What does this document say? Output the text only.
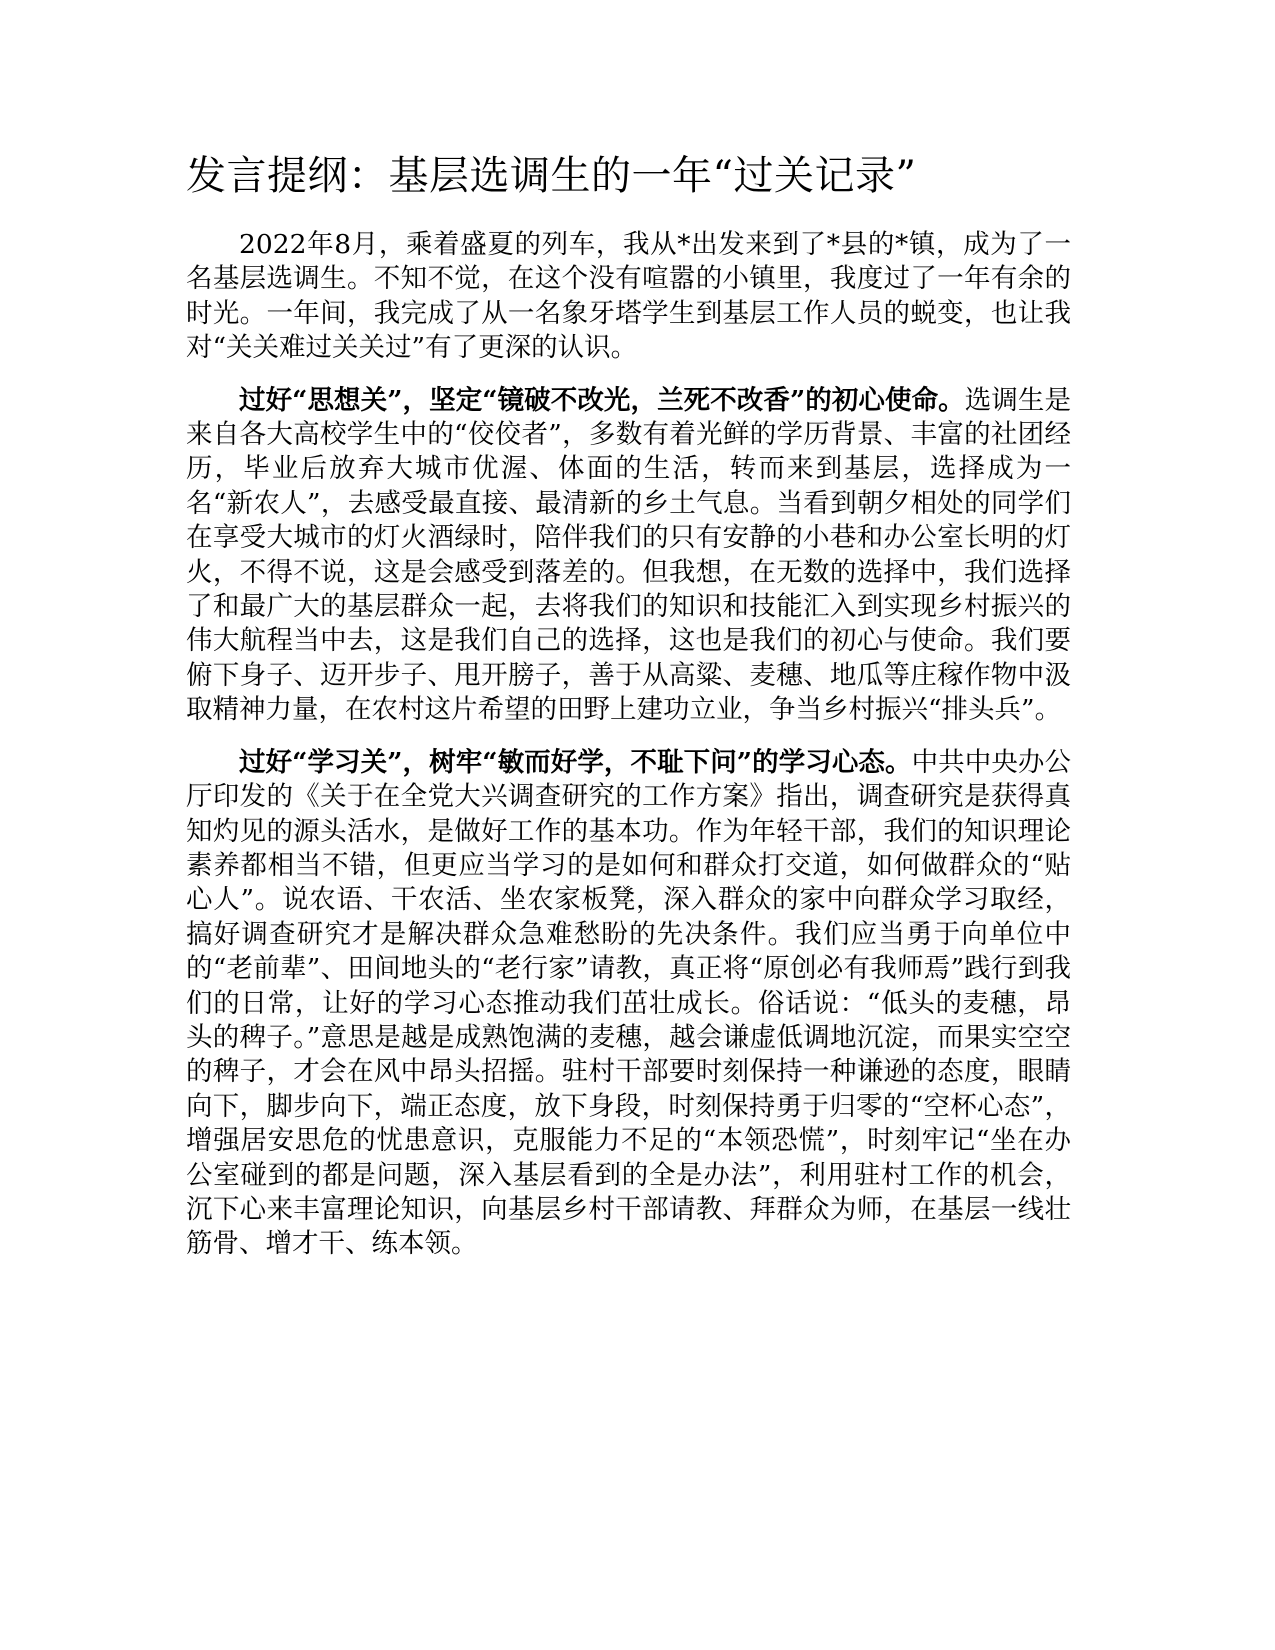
发言提纲：基层选调生的一年“过关记录”

2022年8月，乘着盛夏的列车，我从*出发来到了*县的*镇，成为了一名基层选调生。不知不觉，在这个没有喧嚣的小镇里，我度过了一年有余的时光。一年间，我完成了从一名象牙塔学生到基层工作人员的蜕变，也让我对“关关难过关关过”有了更深的认识。

过好“思想关”，坚定“镜破不改光，兰死不改香”的初心使命。选调生是来自各大高校学生中的“佼佼者”，多数有着光鲜的学历背景、丰富的社团经历，毕业后放弃大城市优渥、体面的生活，转而来到基层，选择成为一名“新农人”，去感受最直接、最清新的乡土气息。当看到朝夕相处的同学们在享受大城市的灯火酒绿时，陪伴我们的只有安静的小巷和办公室长明的灯火，不得不说，这是会感受到落差的。但我想，在无数的选择中，我们选择了和最广大的基层群众一起，去将我们的知识和技能汇入到实现乡村振兴的伟大航程当中去，这是我们自己的选择，这也是我们的初心与使命。我们要俯下身子、迈开步子、甩开膀子，善于从高粱、麦穗、地瓜等庄稼作物中汲取精神力量，在农村这片希望的田野上建功立业，争当乡村振兴“排头兵”。

过好“学习关”，树牢“敏而好学，不耻下问”的学习心态。中共中央办公厅印发的《关于在全党大兴调查研究的工作方案》指出，调查研究是获得真知灼见的源头活水，是做好工作的基本功。作为年轻干部，我们的知识理论素养都相当不错，但更应当学习的是如何和群众打交道，如何做群众的“贴心人”。说农语、干农活、坐农家板凳，深入群众的家中向群众学习取经，搞好调查研究才是解决群众急难愁盼的先决条件。我们应当勇于向单位中的“老前辈”、田间地头的“老行家”请教，真正将“原创必有我师焉”践行到我们的日常，让好的学习心态推动我们茁壮成长。俗话说：“低头的麦穗，昂头的稗子。”意思是越是成熟饱满的麦穗，越会谦虚低调地沉淀，而果实空空的稗子，才会在风中昂头招摇。驻村干部要时刻保持一种谦逊的态度，眼睛向下，脚步向下，端正态度，放下身段，时刻保持勇于归零的“空杯心态”，增强居安思危的忧患意识，克服能力不足的“本领恐慌”，时刻牢记“坐在办公室碰到的都是问题，深入基层看到的全是办法”，利用驻村工作的机会，沉下心来丰富理论知识，向基层乡村干部请教、拜群众为师，在基层一线壮筋骨、增才干、练本领。
